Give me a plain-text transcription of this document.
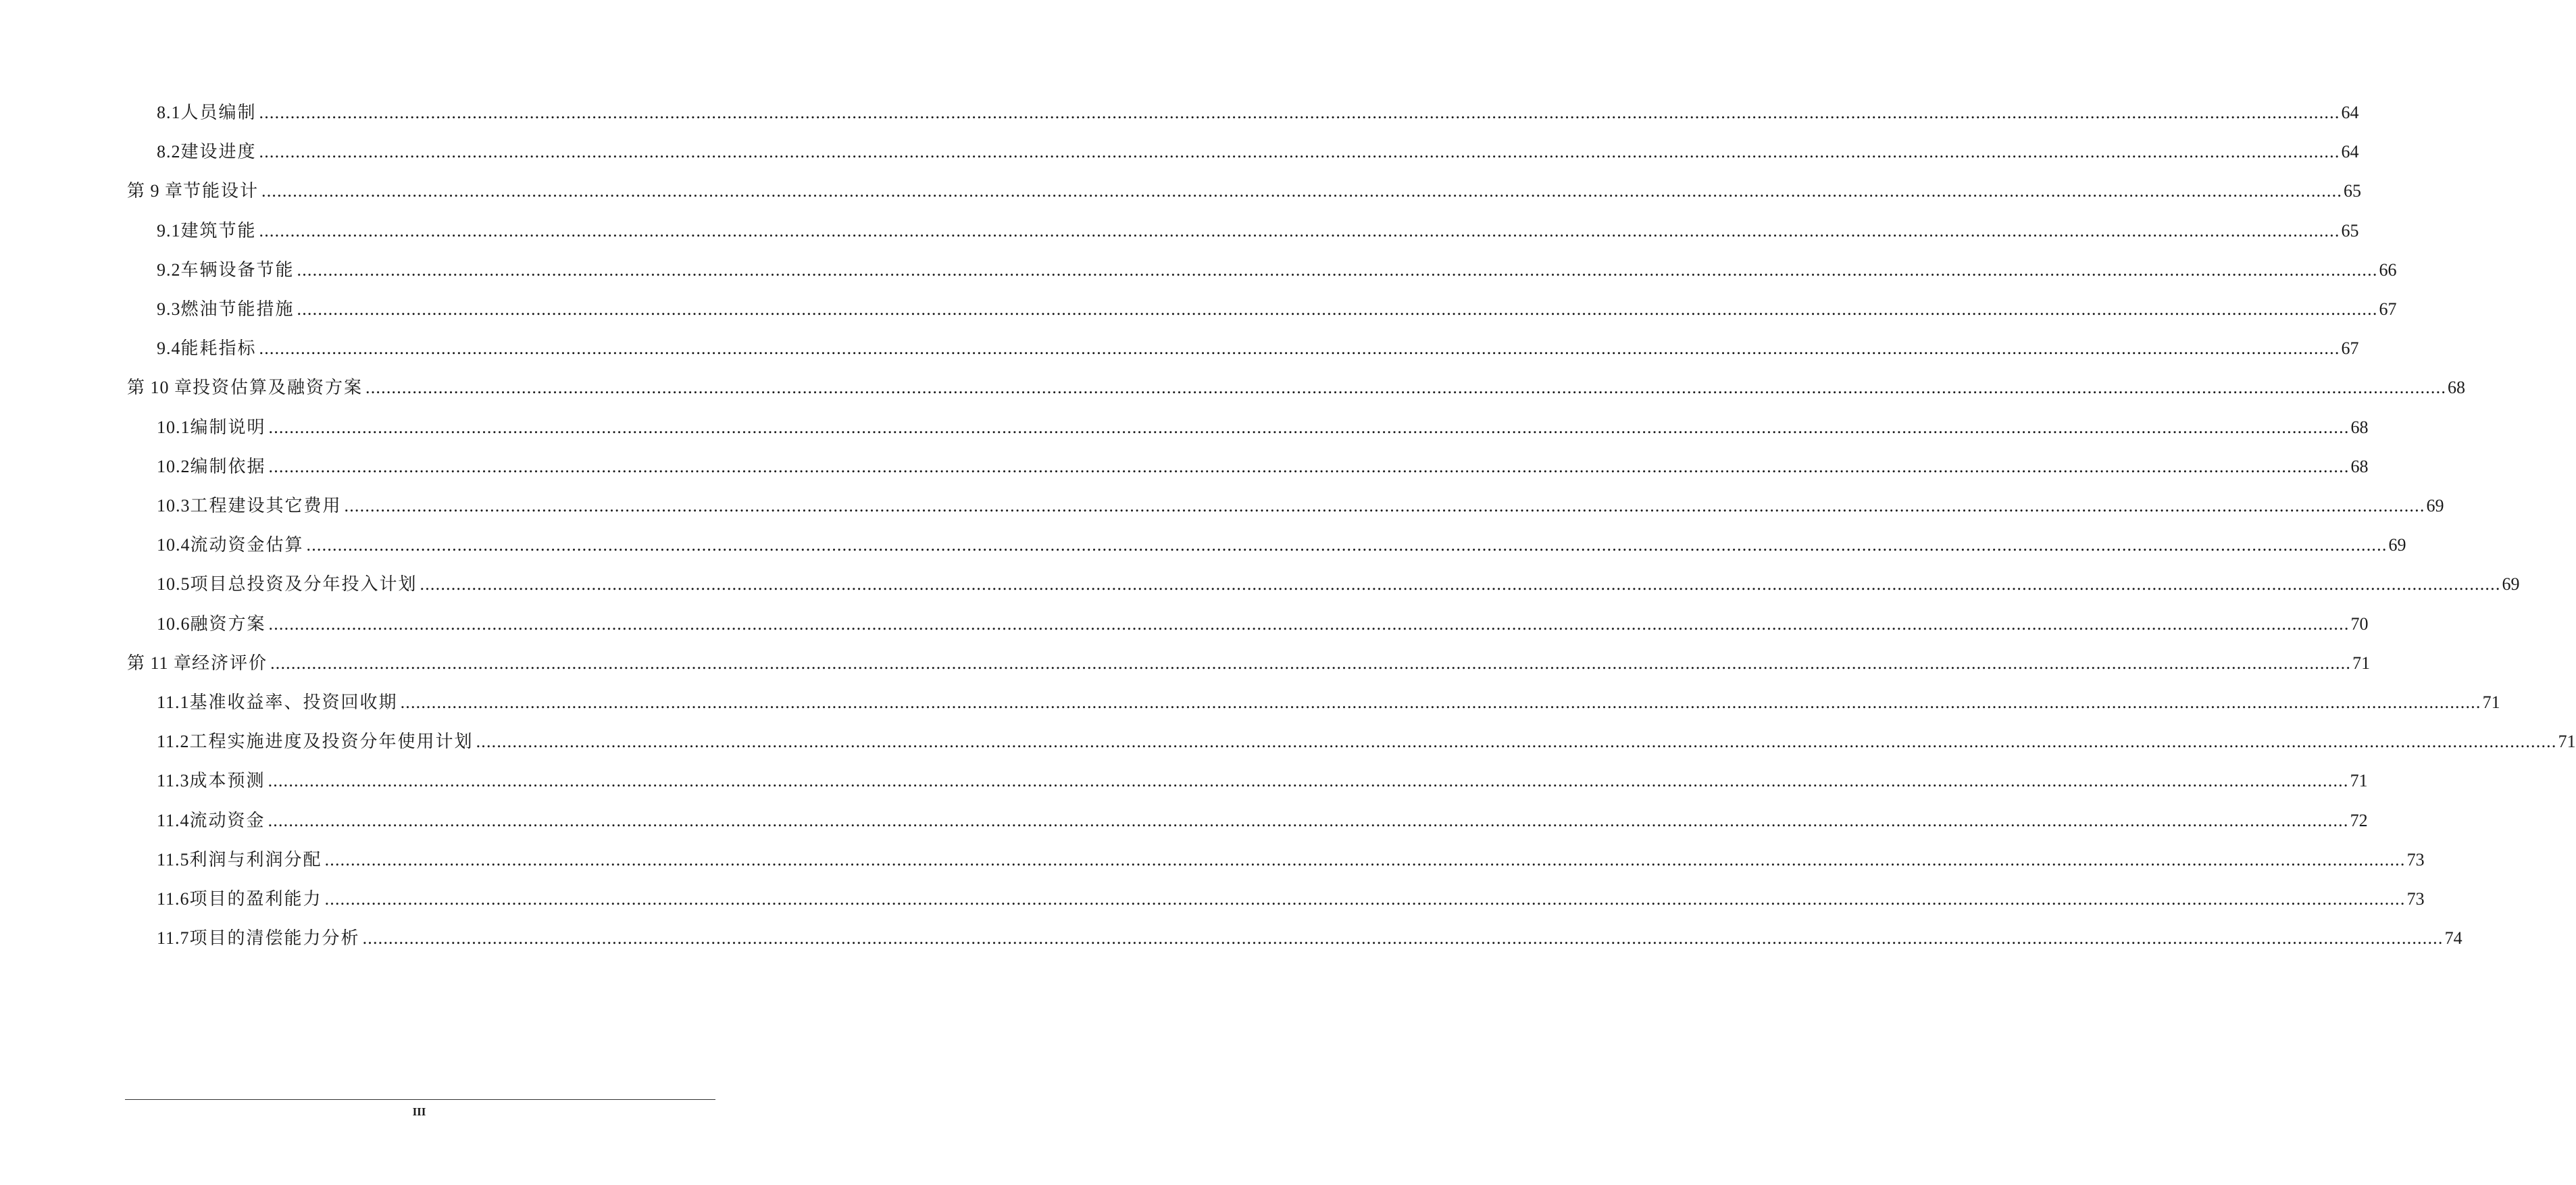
8.1 人员编制 ................................................................................................................................................................................................................................................................................................................................................................................................................ 64
8.2 建设进度 ................................................................................................................................................................................................................................................................................................................................................................................................................ 64
第 9 章 节能设计 ................................................................................................................................................................................................................................................................................................................................................................................................................ 65
9.1 建筑节能 ................................................................................................................................................................................................................................................................................................................................................................................................................ 65
9.2 车辆设备节能 ................................................................................................................................................................................................................................................................................................................................................................................................................ 66
9.3 燃油节能措施 ................................................................................................................................................................................................................................................................................................................................................................................................................ 67
9.4 能耗指标 ................................................................................................................................................................................................................................................................................................................................................................................................................ 67
第 10 章 投资估算及融资方案 ................................................................................................................................................................................................................................................................................................................................................................................................................ 68
10.1 编制说明 ................................................................................................................................................................................................................................................................................................................................................................................................................ 68
10.2 编制依据 ................................................................................................................................................................................................................................................................................................................................................................................................................ 68
10.3 工程建设其它费用 ................................................................................................................................................................................................................................................................................................................................................................................................................ 69
10.4 流动资金估算 ................................................................................................................................................................................................................................................................................................................................................................................................................ 69
10.5 项目总投资及分年投入计划 ................................................................................................................................................................................................................................................................................................................................................................................................................ 69
10.6 融资方案 ................................................................................................................................................................................................................................................................................................................................................................................................................ 70
第 11 章 经济评价 ................................................................................................................................................................................................................................................................................................................................................................................................................ 71
11.1 基准收益率、投资回收期 ................................................................................................................................................................................................................................................................................................................................................................................................................ 71
11.2 工程实施进度及投资分年使用计划 ................................................................................................................................................................................................................................................................................................................................................................................................................ 71
11.3 成本预测 ................................................................................................................................................................................................................................................................................................................................................................................................................ 71
11.4 流动资金 ................................................................................................................................................................................................................................................................................................................................................................................................................ 72
11.5 利润与利润分配 ................................................................................................................................................................................................................................................................................................................................................................................................................ 73
11.6 项目的盈利能力 ................................................................................................................................................................................................................................................................................................................................................................................................................ 73
11.7 项目的清偿能力分析 ................................................................................................................................................................................................................................................................................................................................................................................................................ 74
III
